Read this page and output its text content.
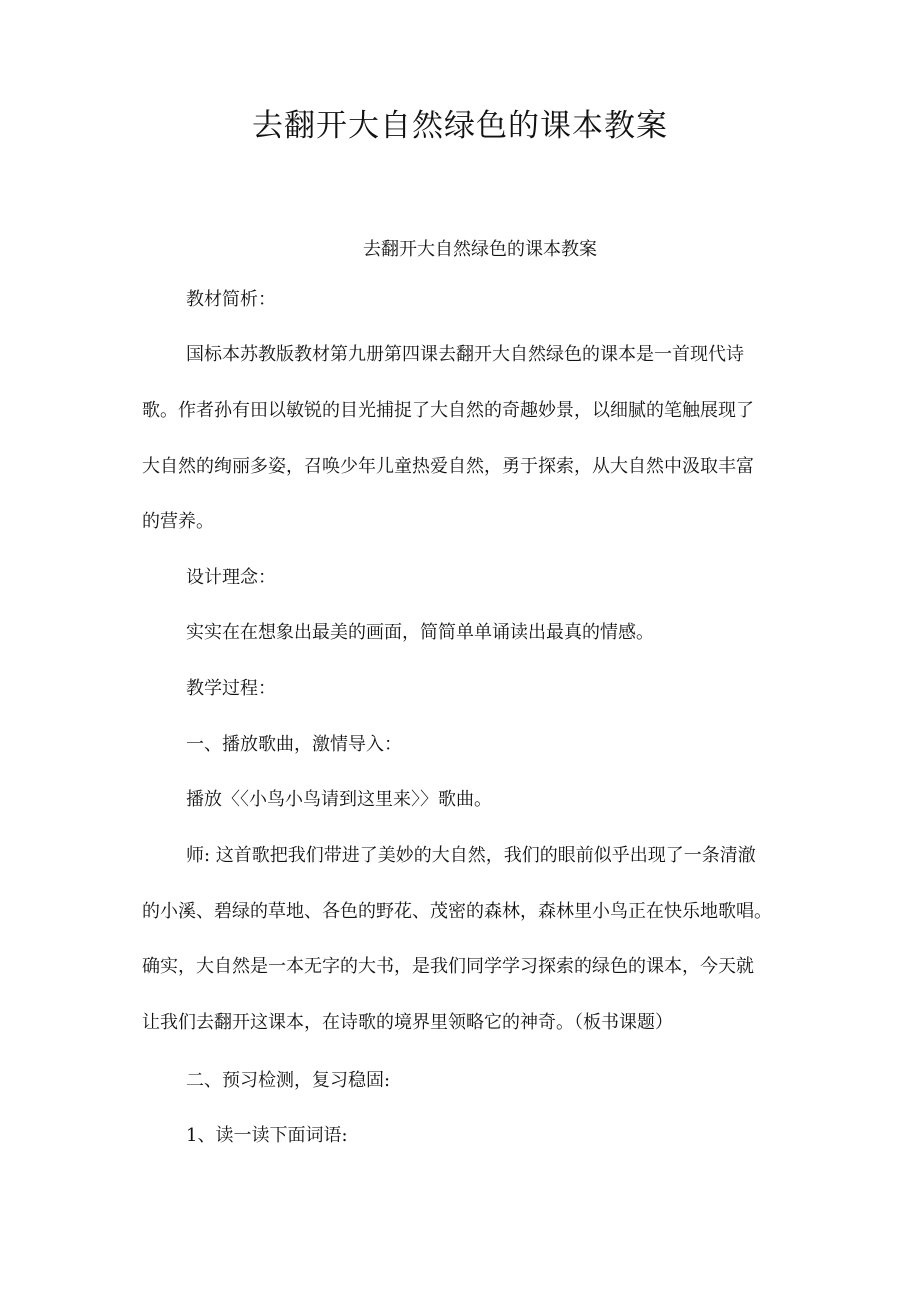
去翻开大自然绿色的课本教案

去翻开大自然绿色的课本教案

教材简析：

国标本苏教版教材第九册第四课去翻开大自然绿色的课本是一首现代诗

歌。作者孙有田以敏锐的目光捕捉了大自然的奇趣妙景，以细腻的笔触展现了

大自然的绚丽多姿，召唤少年儿童热爱自然，勇于探索，从大自然中汲取丰富

的营养。

设计理念：

实实在在想象出最美的画面，简简单单诵读出最真的情感。

教学过程：

一、播放歌曲，激情导入：

播放〈〈小鸟小鸟请到这里来〉〉歌曲。

师: 这首歌把我们带进了美妙的大自然，我们的眼前似乎出现了一条清澈

的小溪、碧绿的草地、各色的野花、茂密的森林，森林里小鸟正在快乐地歌唱。

确实，大自然是一本无字的大书，是我们同学学习探索的绿色的课本，今天就

让我们去翻开这课本，在诗歌的境界里领略它的神奇。（板书课题）

二、预习检测，复习稳固:

1、读一读下面词语:
